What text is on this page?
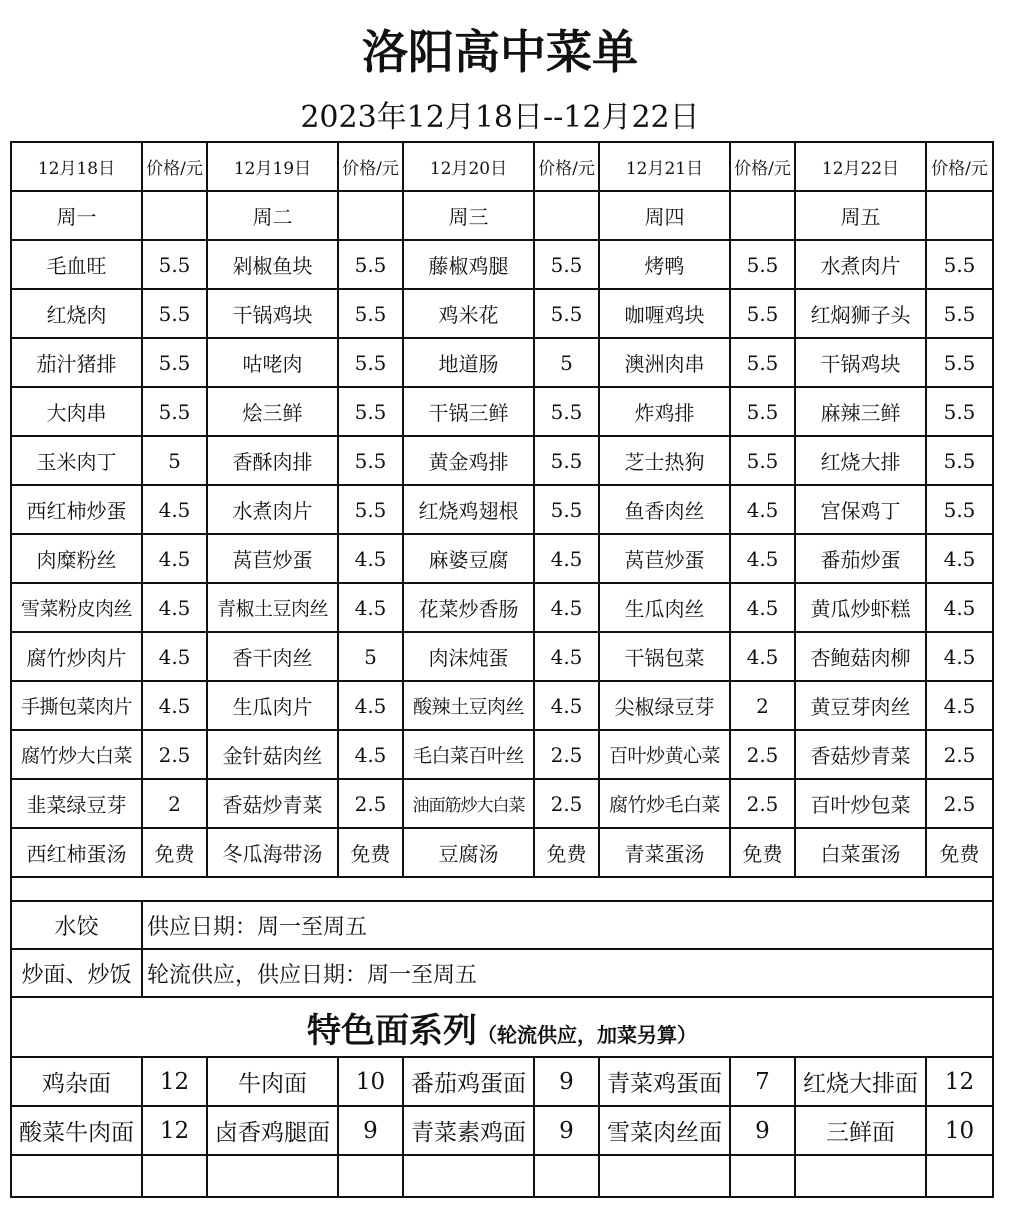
洛阳高中菜单
2023年12月18日--12月22日
12月18日	价格/元	12月19日	价格/元	12月20日	价格/元	12月21日	价格/元	12月22日	价格/元
周一		周二		周三		周四		周五	
毛血旺	5.5	剁椒鱼块	5.5	藤椒鸡腿	5.5	烤鸭	5.5	水煮肉片	5.5
红烧肉	5.5	干锅鸡块	5.5	鸡米花	5.5	咖喱鸡块	5.5	红焖狮子头	5.5
茄汁猪排	5.5	咕咾肉	5.5	地道肠	5	澳洲肉串	5.5	干锅鸡块	5.5
大肉串	5.5	烩三鲜	5.5	干锅三鲜	5.5	炸鸡排	5.5	麻辣三鲜	5.5
玉米肉丁	5	香酥肉排	5.5	黄金鸡排	5.5	芝士热狗	5.5	红烧大排	5.5
西红柿炒蛋	4.5	水煮肉片	5.5	红烧鸡翅根	5.5	鱼香肉丝	4.5	宫保鸡丁	5.5
肉糜粉丝	4.5	莴苣炒蛋	4.5	麻婆豆腐	4.5	莴苣炒蛋	4.5	番茄炒蛋	4.5
雪菜粉皮肉丝	4.5	青椒土豆肉丝	4.5	花菜炒香肠	4.5	生瓜肉丝	4.5	黄瓜炒虾糕	4.5
腐竹炒肉片	4.5	香干肉丝	5	肉沫炖蛋	4.5	干锅包菜	4.5	杏鲍菇肉柳	4.5
手撕包菜肉片	4.5	生瓜肉片	4.5	酸辣土豆肉丝	4.5	尖椒绿豆芽	2	黄豆芽肉丝	4.5
腐竹炒大白菜	2.5	金针菇肉丝	4.5	毛白菜百叶丝	2.5	百叶炒黄心菜	2.5	香菇炒青菜	2.5
韭菜绿豆芽	2	香菇炒青菜	2.5	油面筋炒大白菜	2.5	腐竹炒毛白菜	2.5	百叶炒包菜	2.5
西红柿蛋汤	免费	冬瓜海带汤	免费	豆腐汤	免费	青菜蛋汤	免费	白菜蛋汤	免费

水饺	供应日期：周一至周五								
炒面、炒饭	轮流供应，供应日期：周一至周五								
特色面系列（轮流供应，加菜另算）									
鸡杂面	12	牛肉面	10	番茄鸡蛋面	9	青菜鸡蛋面	7	红烧大排面	12
酸菜牛肉面	12	卤香鸡腿面	9	青菜素鸡面	9	雪菜肉丝面	9	三鲜面	10
